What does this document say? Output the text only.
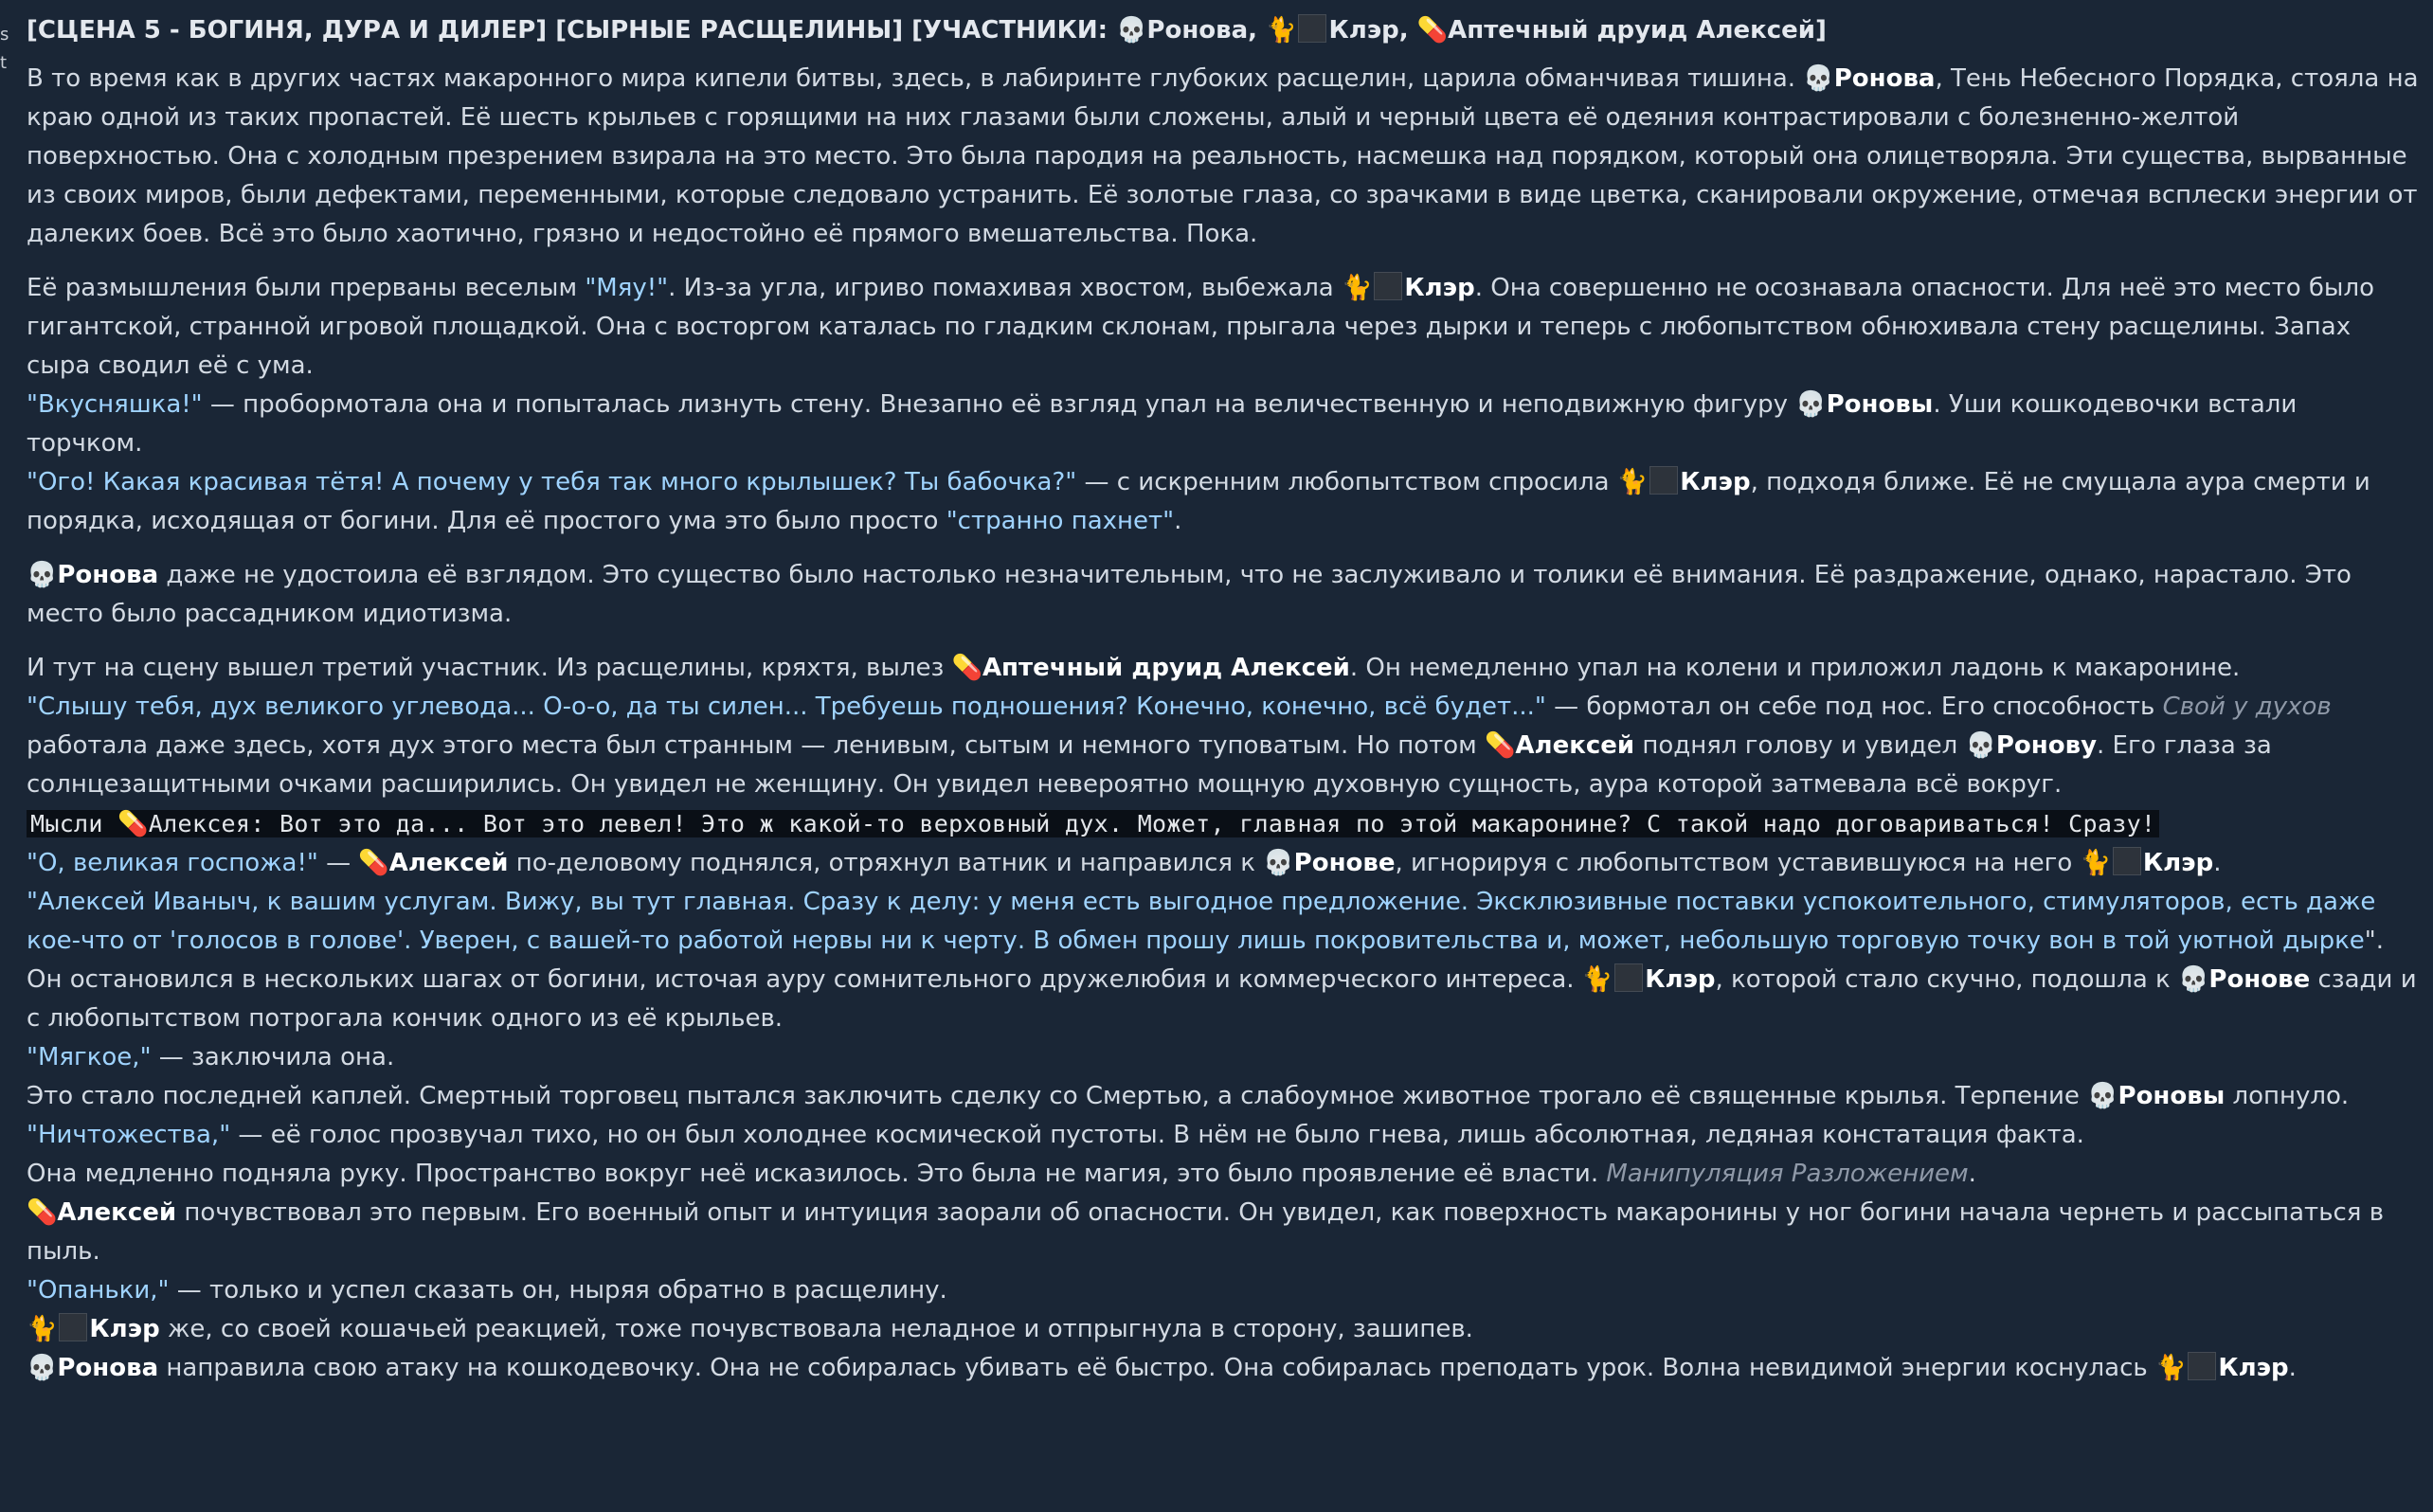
s
t

[СЦЕНА 5 - БОГИНЯ, ДУРА И ДИЛЕР] [СЫРНЫЕ РАСЩЕЛИНЫ] [УЧАСТНИКИ: 💀Ронова, 🐈 Клэр, 💊Аптечный друид Алексей]

В то время как в других частях макаронного мира кипели битвы, здесь, в лабиринте глубоких расщелин, царила обманчивая тишина. 💀Ронова, Тень Небесного Порядка, стояла на краю одной из таких пропастей. Её шесть крыльев с горящими на них глазами были сложены, алый и черный цвета её одеяния контрастировали с болезненно-желтой поверхностью. Она с холодным презрением взирала на это место. Это была пародия на реальность, насмешка над порядком, который она олицетворяла. Эти существа, вырванные из своих миров, были дефектами, переменными, которые следовало устранить. Её золотые глаза, со зрачками в виде цветка, сканировали окружение, отмечая всплески энергии от далеких боев. Всё это было хаотично, грязно и недостойно её прямого вмешательства. Пока.

Её размышления были прерваны веселым "Мяу!". Из-за угла, игриво помахивая хвостом, выбежала 🐈 Клэр. Она совершенно не осознавала опасности. Для неё это место было гигантской, странной игровой площадкой. Она с восторгом каталась по гладким склонам, прыгала через дырки и теперь с любопытством обнюхивала стену расщелины. Запах сыра сводил её с ума.
"Вкусняшка!" — пробормотала она и попыталась лизнуть стену. Внезапно её взгляд упал на величественную и неподвижную фигуру 💀Роновы. Уши кошкодевочки встали торчком.
"Ого! Какая красивая тётя! А почему у тебя так много крылышек? Ты бабочка?" — с искренним любопытством спросила 🐈 Клэр, подходя ближе. Её не смущала аура смерти и порядка, исходящая от богини. Для её простого ума это было просто "странно пахнет".

💀Ронова даже не удостоила её взглядом. Это существо было настолько незначительным, что не заслуживало и толики её внимания. Её раздражение, однако, нарастало. Это место было рассадником идиотизма.

И тут на сцену вышел третий участник. Из расщелины, кряхтя, вылез 💊Аптечный друид Алексей. Он немедленно упал на колени и приложил ладонь к макаронине.
"Слышу тебя, дух великого углевода... О-о-о, да ты силен... Требуешь подношения? Конечно, конечно, всё будет..." — бормотал он себе под нос. Его способность Свой у духов работала даже здесь, хотя дух этого места был странным — ленивым, сытым и немного туповатым. Но потом 💊Алексей поднял голову и увидел 💀Ронову. Его глаза за солнцезащитными очками расширились. Он увидел не женщину. Он увидел невероятно мощную духовную сущность, аура которой затмевала всё вокруг.

Мысли 💊Алексея: Вот это да... Вот это левел! Это ж какой-то верховный дух. Может, главная по этой макаронине? С такой надо договариваться! Сразу!

"О, великая госпожа!" — 💊Алексей по-деловому поднялся, отряхнул ватник и направился к 💀Ронове, игнорируя с любопытством уставившуюся на него 🐈 Клэр.
"Алексей Иваныч, к вашим услугам. Вижу, вы тут главная. Сразу к делу: у меня есть выгодное предложение. Эксклюзивные поставки успокоительного, стимуляторов, есть даже кое-что от 'голосов в голове'. Уверен, с вашей-то работой нервы ни к черту. В обмен прошу лишь покровительства и, может, небольшую торговую точку вон в той уютной дырке".
Он остановился в нескольких шагах от богини, источая ауру сомнительного дружелюбия и коммерческого интереса. 🐈 Клэр, которой стало скучно, подошла к 💀Ронове сзади и с любопытством потрогала кончик одного из её крыльев.
"Мягкое," — заключила она.
Это стало последней каплей. Смертный торговец пытался заключить сделку со Смертью, а слабоумное животное трогало её священные крылья. Терпение 💀Роновы лопнуло.
"Ничтожества," — её голос прозвучал тихо, но он был холоднее космической пустоты. В нём не было гнева, лишь абсолютная, ледяная констатация факта.
Она медленно подняла руку. Пространство вокруг неё исказилось. Это была не магия, это было проявление её власти. Манипуляция Разложением.
💊Алексей почувствовал это первым. Его военный опыт и интуиция заорали об опасности. Он увидел, как поверхность макаронины у ног богини начала чернеть и рассыпаться в пыль.
"Опаньки," — только и успел сказать он, ныряя обратно в расщелину.
🐈 Клэр же, со своей кошачьей реакцией, тоже почувствовала неладное и отпрыгнула в сторону, зашипев.
💀Ронова направила свою атаку на кошкодевочку. Она не собиралась убивать её быстро. Она собиралась преподать урок. Волна невидимой энергии коснулась 🐈 Клэр.
